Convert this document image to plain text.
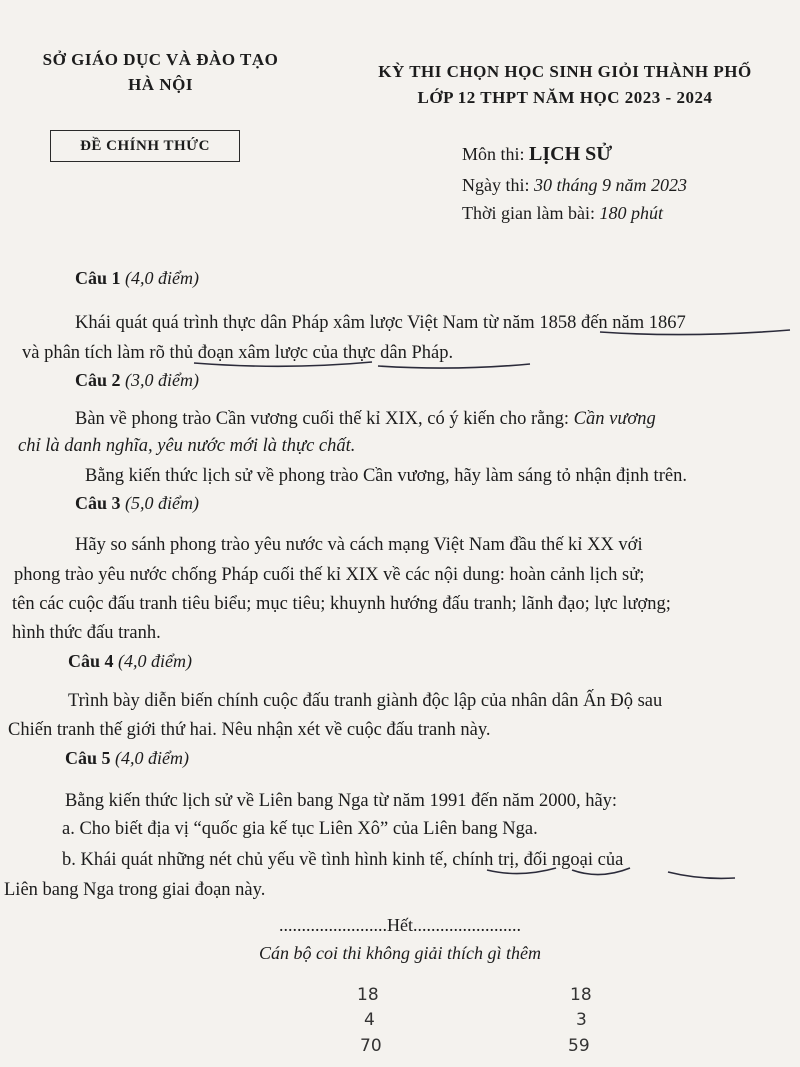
SỞ GIÁO DỤC VÀ ĐÀO TẠO
HÀ NỘI
KỲ THI CHỌN HỌC SINH GIỎI THÀNH PHỐ
LỚP 12 THPT NĂM HỌC 2023 - 2024
ĐỀ CHÍNH THỨC	Môn thi: LỊCH SỬ
Ngày thi: 30 tháng 9 năm 2023
Thời gian làm bài: 180 phút
Câu 1 (4,0 điểm)
Khái quát quá trình thực dân Pháp xâm lược Việt Nam từ năm 1858 đến năm 1867
và phân tích làm rõ thủ đoạn xâm lược của thực dân Pháp.
Câu 2 (3,0 điểm)
Bàn về phong trào Cần vương cuối thế kỉ XIX, có ý kiến cho rằng: Cần vương
chỉ là danh nghĩa, yêu nước mới là thực chất.
Bằng kiến thức lịch sử về phong trào Cần vương, hãy làm sáng tỏ nhận định trên.
Câu 3 (5,0 điểm)
Hãy so sánh phong trào yêu nước và cách mạng Việt Nam đầu thế kỉ XX với
phong trào yêu nước chống Pháp cuối thế kỉ XIX về các nội dung: hoàn cảnh lịch sử;
tên các cuộc đấu tranh tiêu biểu; mục tiêu; khuynh hướng đấu tranh; lãnh đạo; lực lượng;
hình thức đấu tranh.
Câu 4 (4,0 điểm)
Trình bày diễn biến chính cuộc đấu tranh giành độc lập của nhân dân Ấn Độ sau
Chiến tranh thế giới thứ hai. Nêu nhận xét về cuộc đấu tranh này.
Câu 5 (4,0 điểm)
Bằng kiến thức lịch sử về Liên bang Nga từ năm 1991 đến năm 2000, hãy:
a. Cho biết địa vị “quốc gia kế tục Liên Xô” của Liên bang Nga.
b. Khái quát những nét chủ yếu về tình hình kinh tế, chính trị, đối ngoại của
Liên bang Nga trong giai đoạn này.
........................Hết........................
Cán bộ coi thi không giải thích gì thêm
18
4
70
18
3
59
